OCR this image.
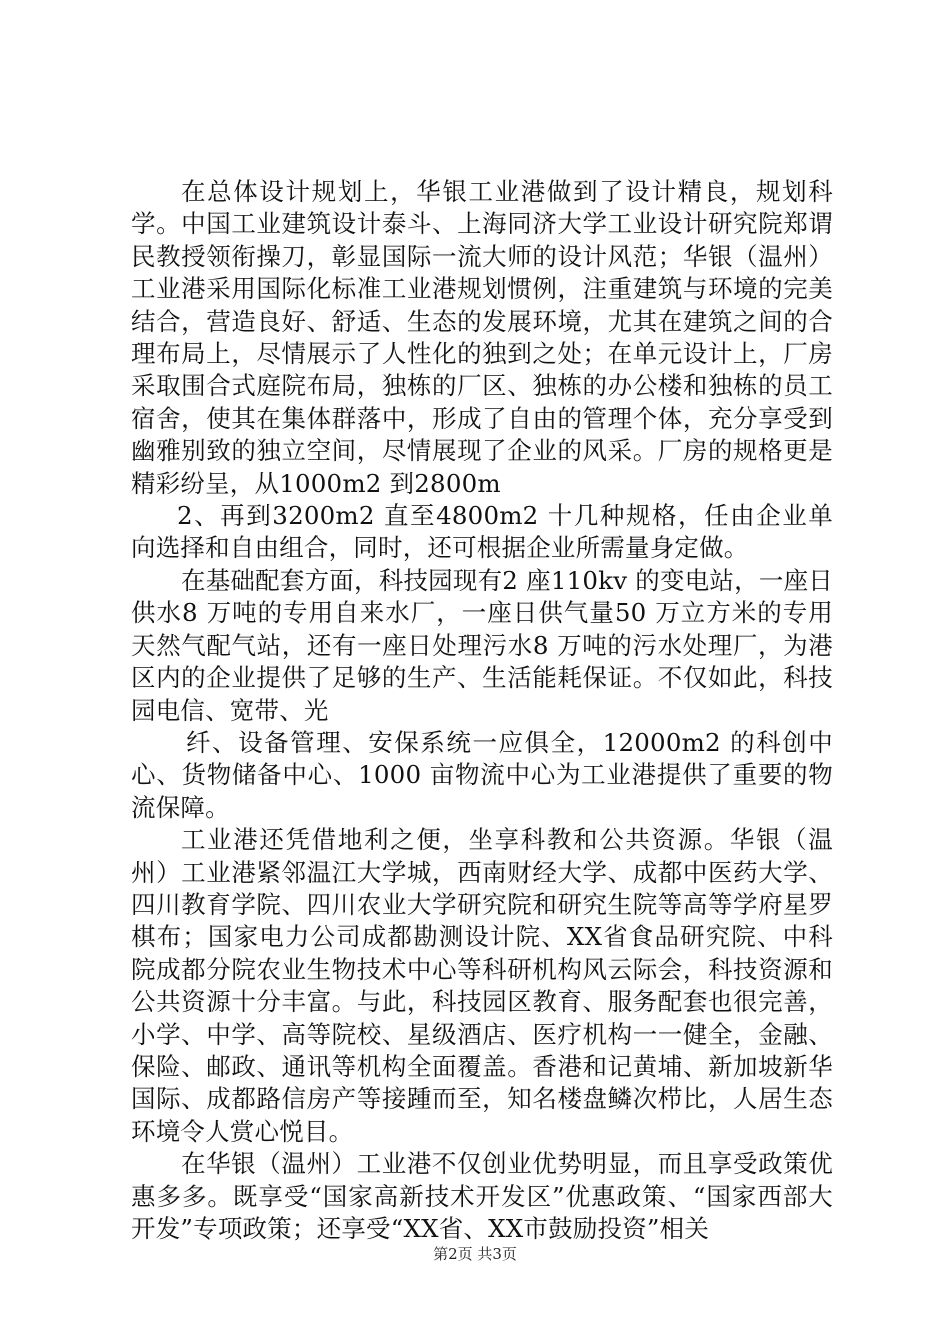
在总体设计规划上，华银工业港做到了设计精良，规划科学。中国工业建筑设计泰斗、上海同济大学工业设计研究院郑谓民教授领衔操刀，彰显国际一流大师的设计风范；华银（温州）工业港采用国际化标准工业港规划惯例，注重建筑与环境的完美结合，营造良好、舒适、生态的发展环境，尤其在建筑之间的合理布局上，尽情展示了人性化的独到之处；在单元设计上，厂房采取围合式庭院布局，独栋的厂区、独栋的办公楼和独栋的员工宿舍，使其在集体群落中，形成了自由的管理个体，充分享受到幽雅别致的独立空间，尽情展现了企业的风采。厂房的规格更是精彩纷呈，从1000m2 到2800m

2、再到3200m2 直至4800m2 十几种规格，任由企业单向选择和自由组合，同时，还可根据企业所需量身定做。

在基础配套方面，科技园现有2 座110kv 的变电站，一座日供水8 万吨的专用自来水厂，一座日供气量50 万立方米的专用天然气配气站，还有一座日处理污水8 万吨的污水处理厂，为港区内的企业提供了足够的生产、生活能耗保证。不仅如此，科技园电信、宽带、光

纤、设备管理、安保系统一应俱全，12000m2 的科创中心、货物储备中心、1000 亩物流中心为工业港提供了重要的物流保障。

工业港还凭借地利之便，坐享科教和公共资源。华银（温州）工业港紧邻温江大学城，西南财经大学、成都中医药大学、四川教育学院、四川农业大学研究院和研究生院等高等学府星罗棋布；国家电力公司成都勘测设计院、XX省食品研究院、中科院成都分院农业生物技术中心等科研机构风云际会，科技资源和公共资源十分丰富。与此，科技园区教育、服务配套也很完善，小学、中学、高等院校、星级酒店、医疗机构一一健全，金融、保险、邮政、通讯等机构全面覆盖。香港和记黄埔、新加坡新华国际、成都路信房产等接踵而至，知名楼盘鳞次栉比，人居生态环境令人赏心悦目。

在华银（温州）工业港不仅创业优势明显，而且享受政策优惠多多。既享受“国家高新技术开发区”优惠政策、“国家西部大开发”专项政策；还享受“XX省、XX市鼓励投资”相关

第2页 共3页
